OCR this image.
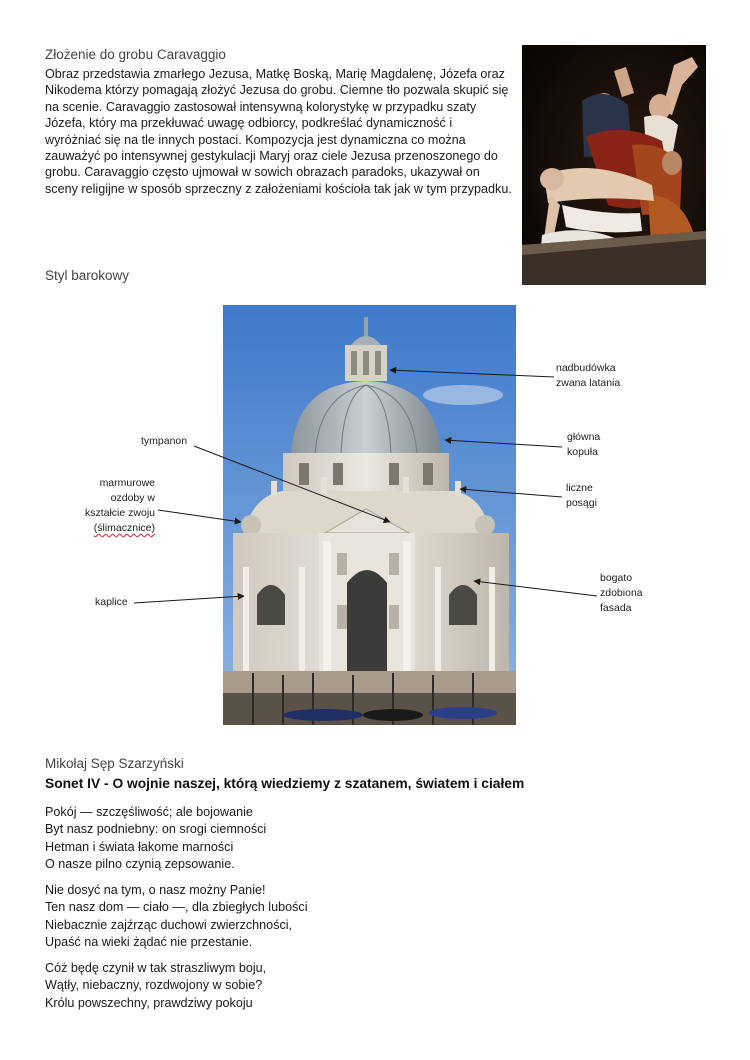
Złożenie do grobu Caravaggio
Obraz przedstawia zmarłego Jezusa, Matkę Boską, Marię Magdalenę, Józefa oraz
Nikodema którzy pomagają złożyć Jezusa do grobu. Ciemne tło pozwala skupić się
na scenie. Caravaggio zastosował intensywną kolorystykę w przypadku szaty
Józefa, który ma przekłuwać uwagę odbiorcy, podkreślać dynamiczność i
wyróżniać się na tle innych postaci. Kompozycja jest dynamiczna co można
zauważyć po intensywnej gestykulacji Maryj oraz ciele Jezusa przenoszonego do
grobu. Caravaggio często ujmował w sowich obrazach paradoks, ukazywał on
sceny religijne w sposób sprzeczny z założeniami kościoła tak jak w tym przypadku.
Styl barokowy
tympanon
marmurowe
ozdoby w
kształcie zwoju
(ślimacznice)
kaplice
nadbudówka
zwana latania
główna
kopuła
liczne
posągi
bogato
zdobiona
fasada
Mikołaj Sęp Szarzyński
Sonet IV - O wojnie naszej, którą wiedziemy z szatanem, światem i ciałem
Pokój — szczęśliwość; ale bojowanie
Byt nasz podniebny: on srogi ciemności
Hetman i świata łakome marności
O nasze pilno czynią zepsowanie.
Nie dosyć na tym, o nasz możny Panie!
Ten nasz dom — ciało —, dla zbiegłych lubości
Niebacznie zajźrząc duchowi zwierzchności,
Upaść na wieki żądać nie przestanie.
Cóż będę czynił w tak straszliwym boju,
Wątły, niebaczny, rozdwojony w sobie?
Królu powszechny, prawdziwy pokoju
